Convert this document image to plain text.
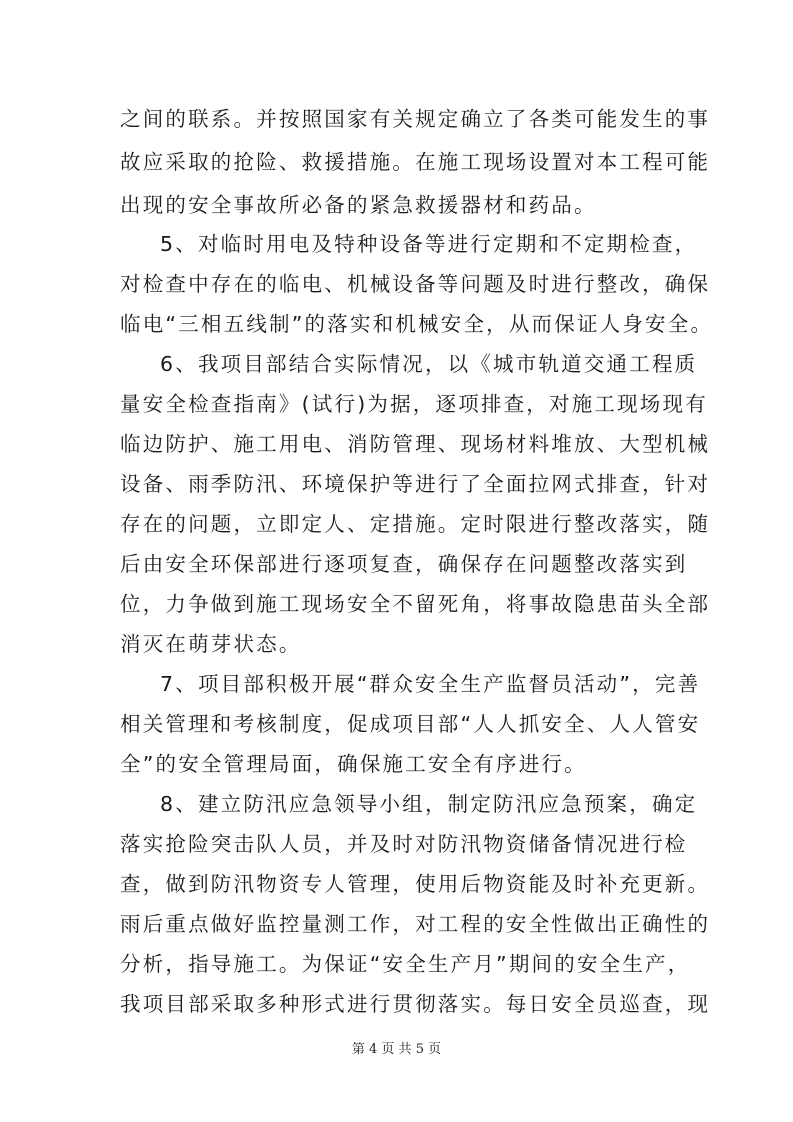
之间的联系。并按照国家有关规定确立了各类可能发生的事
故应采取的抢险、救援措施。在施工现场设置对本工程可能
出现的安全事故所必备的紧急救援器材和药品。
5、对临时用电及特种设备等进行定期和不定期检查，
对检查中存在的临电、机械设备等问题及时进行整改，确保
临电“三相五线制”的落实和机械安全，从而保证人身安全。
6、我项目部结合实际情况，以《城市轨道交通工程质
量安全检查指南》(试行)为据，逐项排查，对施工现场现有
临边防护、施工用电、消防管理、现场材料堆放、大型机械
设备、雨季防汛、环境保护等进行了全面拉网式排查，针对
存在的问题，立即定人、定措施。定时限进行整改落实，随
后由安全环保部进行逐项复查，确保存在问题整改落实到
位，力争做到施工现场安全不留死角，将事故隐患苗头全部
消灭在萌芽状态。
7、项目部积极开展“群众安全生产监督员活动”，完善
相关管理和考核制度，促成项目部“人人抓安全、人人管安
全”的安全管理局面，确保施工安全有序进行。
8、建立防汛应急领导小组，制定防汛应急预案，确定
落实抢险突击队人员，并及时对防汛物资储备情况进行检
查，做到防汛物资专人管理，使用后物资能及时补充更新。
雨后重点做好监控量测工作，对工程的安全性做出正确性的
分析，指导施工。为保证“安全生产月”期间的安全生产，
我项目部采取多种形式进行贯彻落实。每日安全员巡查，现
第 4 页 共 5 页
